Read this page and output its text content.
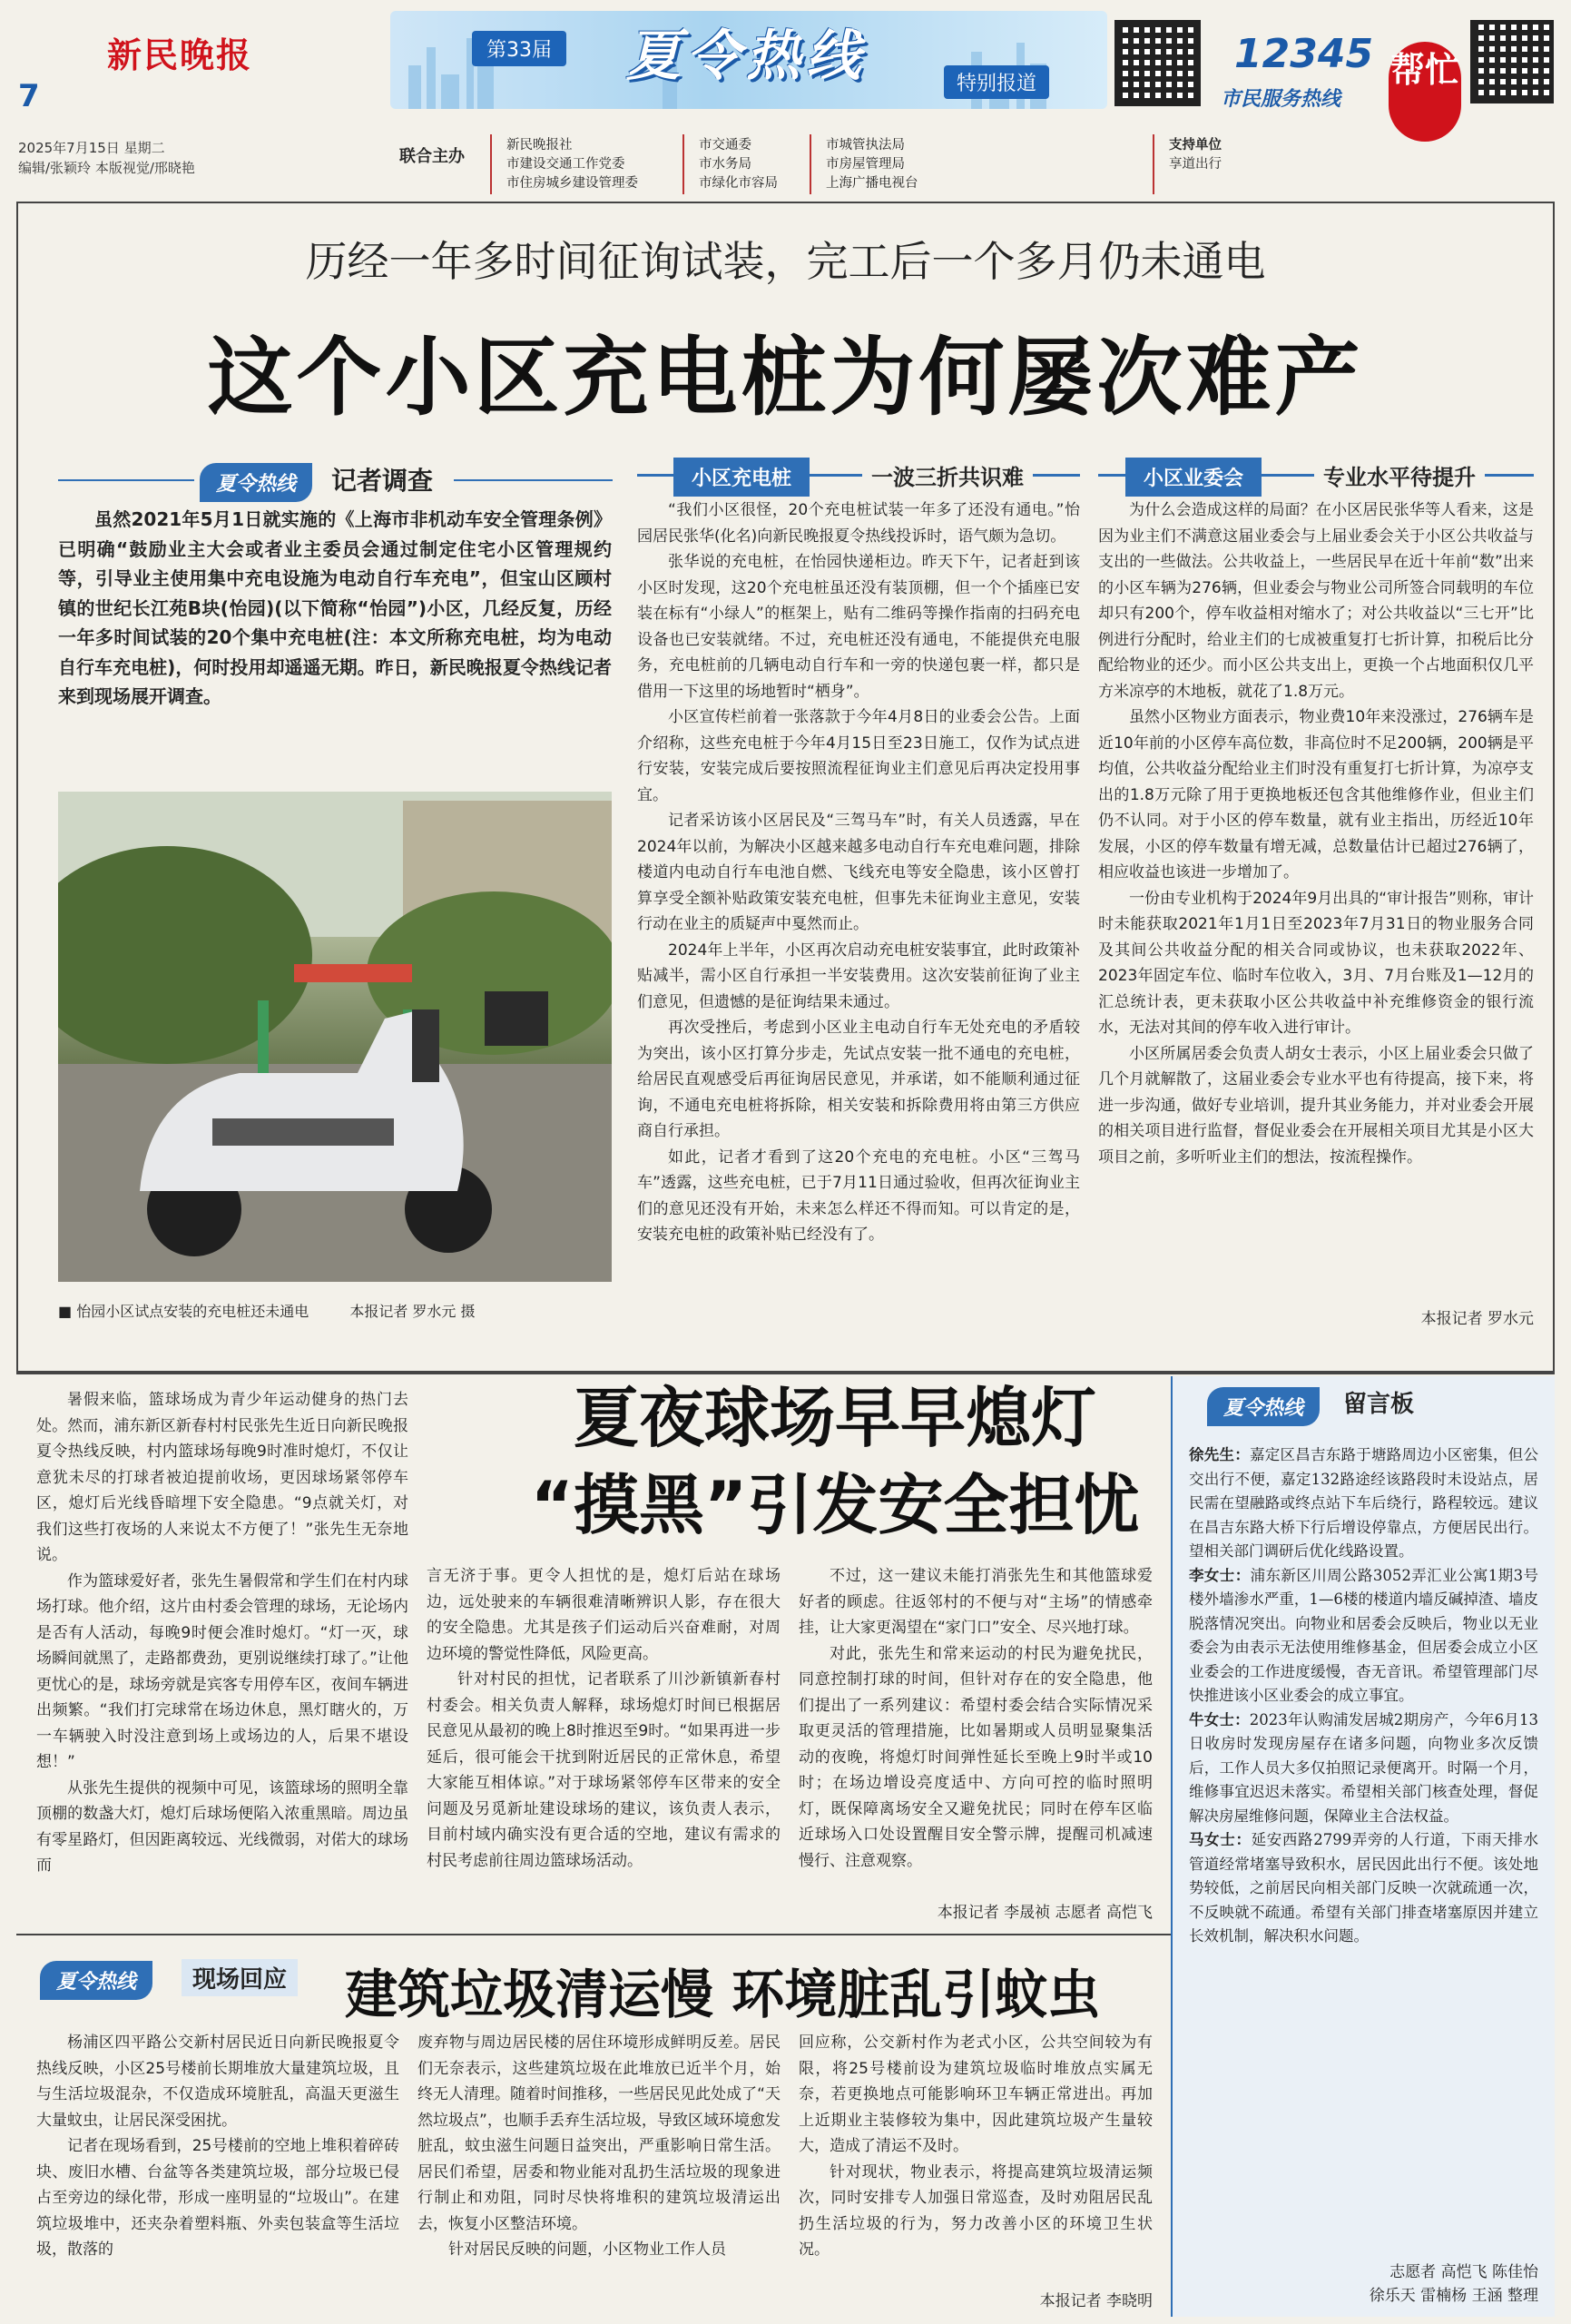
新民晚报
7
2025年7月15日 星期二
编辑/张颖玲 本版视觉/邢晓艳
第33届 夏令热线	特别报道
12345
市民服务热线
帮忙
联合主办
新民晚报社
市建设交通工作党委
市住房城乡建设管理委
市交通委
市水务局
市绿化市容局
市城管执法局
市房屋管理局
上海广播电视台
支持单位
享道出行
历经一年多时间征询试装，完工后一个多月仍未通电
这个小区充电桩为何屡次难产
夏令热线	记者调查

虽然2021年5月1日就实施的《上海市非机动车安全管理条例》已明确“鼓励业主大会或者业主委员会通过制定住宅小区管理规约等，引导业主使用集中充电设施为电动自行车充电”，但宝山区顾村镇的世纪长江苑B块(怡园)(以下简称“怡园”)小区，几经反复，历经一年多时间试装的20个集中充电桩(注：本文所称充电桩，均为电动自行车充电桩)，何时投用却遥遥无期。昨日，新民晚报夏令热线记者来到现场展开调查。

■ 怡园小区试点安装的充电桩还未通电	本报记者 罗水元 摄
小区充电桩	一波三折共识难

“我们小区很怪，20个充电桩试装一年多了还没有通电。”怡园居民张华(化名)向新民晚报夏令热线投诉时，语气颇为急切。

张华说的充电桩，在怡园快递柜边。昨天下午，记者赶到该小区时发现，这20个充电桩虽还没有装顶棚，但一个个插座已安装在标有“小绿人”的框架上，贴有二维码等操作指南的扫码充电设备也已安装就绪。不过，充电桩还没有通电，不能提供充电服务，充电桩前的几辆电动自行车和一旁的快递包裹一样，都只是借用一下这里的场地暂时“栖身”。

小区宣传栏前着一张落款于今年4月8日的业委会公告。上面介绍称，这些充电桩于今年4月15日至23日施工，仅作为试点进行安装，安装完成后要按照流程征询业主们意见后再决定投用事宜。

记者采访该小区居民及“三驾马车”时，有关人员透露，早在2024年以前，为解决小区越来越多电动自行车充电难问题，排除楼道内电动自行车电池自燃、飞线充电等安全隐患，该小区曾打算享受全额补贴政策安装充电桩，但事先未征询业主意见，安装行动在业主的质疑声中戛然而止。

2024年上半年，小区再次启动充电桩安装事宜，此时政策补贴减半，需小区自行承担一半安装费用。这次安装前征询了业主们意见，但遗憾的是征询结果未通过。

再次受挫后，考虑到小区业主电动自行车无处充电的矛盾较为突出，该小区打算分步走，先试点安装一批不通电的充电桩，给居民直观感受后再征询居民意见，并承诺，如不能顺利通过征询，不通电充电桩将拆除，相关安装和拆除费用将由第三方供应商自行承担。

如此，记者才看到了这20个充电的充电桩。小区“三驾马车”透露，这些充电桩，已于7月11日通过验收，但再次征询业主们的意见还没有开始，未来怎么样还不得而知。可以肯定的是，安装充电桩的政策补贴已经没有了。

小区业委会	专业水平待提升

为什么会造成这样的局面？在小区居民张华等人看来，这是因为业主们不满意这届业委会与上届业委会关于小区公共收益与支出的一些做法。公共收益上，一些居民早在近十年前“数”出来的小区车辆为276辆，但业委会与物业公司所签合同载明的车位却只有200个，停车收益相对缩水了；对公共收益以“三七开”比例进行分配时，给业主们的七成被重复打七折计算，扣税后比分配给物业的还少。而小区公共支出上，更换一个占地面积仅几平方米凉亭的木地板，就花了1.8万元。

虽然小区物业方面表示，物业费10年来没涨过，276辆车是近10年前的小区停车高位数，非高位时不足200辆，200辆是平均值，公共收益分配给业主们时没有重复打七折计算，为凉亭支出的1.8万元除了用于更换地板还包含其他维修作业，但业主们仍不认同。对于小区的停车数量，就有业主指出，历经近10年发展，小区的停车数量有增无减，总数量估计已超过276辆了，相应收益也该进一步增加了。

一份由专业机构于2024年9月出具的“审计报告”则称，审计时未能获取2021年1月1日至2023年7月31日的物业服务合同及其间公共收益分配的相关合同或协议，也未获取2022年、2023年固定车位、临时车位收入，3月、7月台账及1—12月的汇总统计表，更未获取小区公共收益中补充维修资金的银行流水，无法对其间的停车收入进行审计。

小区所属居委会负责人胡女士表示，小区上届业委会只做了几个月就解散了，这届业委会专业水平也有待提高，接下来，将进一步沟通，做好专业培训，提升其业务能力，并对业委会开展的相关项目进行监督，督促业委会在开展相关项目尤其是小区大项目之前，多听听业主们的想法，按流程操作。

本报记者 罗水元
夏夜球场早早熄灯
“摸黑”引发安全担忧

暑假来临，篮球场成为青少年运动健身的热门去处。然而，浦东新区新春村村民张先生近日向新民晚报夏令热线反映，村内篮球场每晚9时准时熄灯，不仅让意犹未尽的打球者被迫提前收场，更因球场紧邻停车区，熄灯后光线昏暗埋下安全隐患。“9点就关灯，对我们这些打夜场的人来说太不方便了！”张先生无奈地说。

作为篮球爱好者，张先生暑假常和学生们在村内球场打球。他介绍，这片由村委会管理的球场，无论场内是否有人活动，每晚9时便会准时熄灯。“灯一灭，球场瞬间就黑了，走路都费劲，更别说继续打球了。”让他更忧心的是，球场旁就是宾客专用停车区，夜间车辆进出频繁。“我们打完球常在场边休息，黑灯瞎火的，万一车辆驶入时没注意到场上或场边的人，后果不堪设想！”

从张先生提供的视频中可见，该篮球场的照明全靠顶棚的数盏大灯，熄灯后球场便陷入浓重黑暗。周边虽有零星路灯，但因距离较远、光线微弱，对偌大的球场而

言无济于事。更令人担忧的是，熄灯后站在球场边，远处驶来的车辆很难清晰辨识人影，存在很大的安全隐患。尤其是孩子们运动后兴奋难耐，对周边环境的警觉性降低，风险更高。

针对村民的担忧，记者联系了川沙新镇新春村村委会。相关负责人解释，球场熄灯时间已根据居民意见从最初的晚上8时推迟至9时。“如果再进一步延后，很可能会干扰到附近居民的正常休息，希望大家能互相体谅。”对于球场紧邻停车区带来的安全问题及另觅新址建设球场的建议，该负责人表示，目前村域内确实没有更合适的空地，建议有需求的村民考虑前往周边篮球场活动。

不过，这一建议未能打消张先生和其他篮球爱好者的顾虑。往返邻村的不便与对“主场”的情感牵挂，让大家更渴望在“家门口”安全、尽兴地打球。

对此，张先生和常来运动的村民为避免扰民，同意控制打球的时间，但针对存在的安全隐患，他们提出了一系列建议：希望村委会结合实际情况采取更灵活的管理措施，比如暑期或人员明显聚集活动的夜晚，将熄灯时间弹性延长至晚上9时半或10时；在场边增设亮度适中、方向可控的临时照明灯，既保障离场安全又避免扰民；同时在停车区临近球场入口处设置醒目安全警示牌，提醒司机减速慢行、注意观察。

本报记者 李晟祯 志愿者 高恺飞
夏令热线	现场回应 建筑垃圾清运慢 环境脏乱引蚊虫

杨浦区四平路公交新村居民近日向新民晚报夏令热线反映，小区25号楼前长期堆放大量建筑垃圾，且与生活垃圾混杂，不仅造成环境脏乱，高温天更滋生大量蚊虫，让居民深受困扰。

记者在现场看到，25号楼前的空地上堆积着碎砖块、废旧水槽、台盆等各类建筑垃圾，部分垃圾已侵占至旁边的绿化带，形成一座明显的“垃圾山”。在建筑垃圾堆中，还夹杂着塑料瓶、外卖包装盒等生活垃圾，散落的

废弃物与周边居民楼的居住环境形成鲜明反差。居民们无奈表示，这些建筑垃圾在此堆放已近半个月，始终无人清理。随着时间推移，一些居民见此处成了“天然垃圾点”，也顺手丢弃生活垃圾，导致区域环境愈发脏乱，蚊虫滋生问题日益突出，严重影响日常生活。居民们希望，居委和物业能对乱扔生活垃圾的现象进行制止和劝阻，同时尽快将堆积的建筑垃圾清运出去，恢复小区整洁环境。

针对居民反映的问题，小区物业工作人员

回应称，公交新村作为老式小区，公共空间较为有限，将25号楼前设为建筑垃圾临时堆放点实属无奈，若更换地点可能影响环卫车辆正常进出。再加上近期业主装修较为集中，因此建筑垃圾产生量较大，造成了清运不及时。

针对现状，物业表示，将提高建筑垃圾清运频次，同时安排专人加强日常巡查，及时劝阻居民乱扔生活垃圾的行为，努力改善小区的环境卫生状况。

本报记者 李晓明
夏令热线	留言板

徐先生：嘉定区昌吉东路于塘路周边小区密集，但公交出行不便，嘉定132路途经该路段时未设站点，居民需在望融路或终点站下车后绕行，路程较远。建议在昌吉东路大桥下行后增设停靠点，方便居民出行。望相关部门调研后优化线路设置。

李女士：浦东新区川周公路3052弄汇业公寓1期3号楼外墙渗水严重，1—6楼的楼道内墙反碱掉渣、墙皮脱落情况突出。向物业和居委会反映后，物业以无业委会为由表示无法使用维修基金，但居委会成立小区业委会的工作进度缓慢，杳无音讯。希望管理部门尽快推进该小区业委会的成立事宜。

牛女士：2023年认购浦发居城2期房产，今年6月13日收房时发现房屋存在诸多问题，向物业多次反馈后，工作人员大多仅拍照记录便离开。时隔一个月，维修事宜迟迟未落实。希望相关部门核查处理，督促解决房屋维修问题，保障业主合法权益。

马女士：延安西路2799弄旁的人行道，下雨天排水管道经常堵塞导致积水，居民因此出行不便。该处地势较低，之前居民向相关部门反映一次就疏通一次，不反映就不疏通。希望有关部门排查堵塞原因并建立长效机制，解决积水问题。

志愿者 高恺飞 陈佳怡
徐乐天 雷楠杨 王涵 整理
